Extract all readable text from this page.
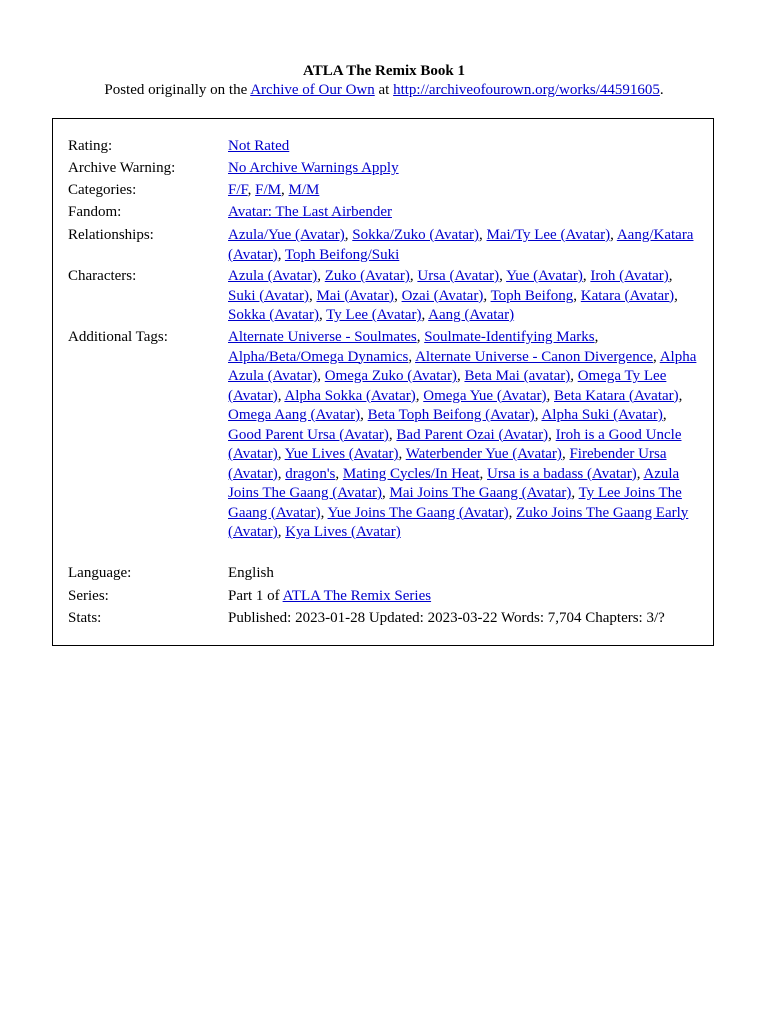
ATLA The Remix Book 1
Posted originally on the Archive of Our Own at http://archiveofourown.org/works/44591605.
Rating:	Not Rated
Archive Warning:	No Archive Warnings Apply
Categories:	F/F, F/M, M/M
Fandom:	Avatar: The Last Airbender
Relationships:	Azula/Yue (Avatar), Sokka/Zuko (Avatar), Mai/Ty Lee (Avatar), Aang/Katara (Avatar), Toph Beifong/Suki
Characters:	Azula (Avatar), Zuko (Avatar), Ursa (Avatar), Yue (Avatar), Iroh (Avatar), Suki (Avatar), Mai (Avatar), Ozai (Avatar), Toph Beifong, Katara (Avatar), Sokka (Avatar), Ty Lee (Avatar), Aang (Avatar)
Additional Tags:	Alternate Universe - Soulmates, Soulmate-Identifying Marks, Alpha/Beta/Omega Dynamics, Alternate Universe - Canon Divergence, Alpha Azula (Avatar), Omega Zuko (Avatar), Beta Mai (avatar), Omega Ty Lee (Avatar), Alpha Sokka (Avatar), Omega Yue (Avatar), Beta Katara (Avatar), Omega Aang (Avatar), Beta Toph Beifong (Avatar), Alpha Suki (Avatar), Good Parent Ursa (Avatar), Bad Parent Ozai (Avatar), Iroh is a Good Uncle (Avatar), Yue Lives (Avatar), Waterbender Yue (Avatar), Firebender Ursa (Avatar), dragon's, Mating Cycles/In Heat, Ursa is a badass (Avatar), Azula Joins The Gaang (Avatar), Mai Joins The Gaang (Avatar), Ty Lee Joins The Gaang (Avatar), Yue Joins The Gaang (Avatar), Zuko Joins The Gaang Early (Avatar), Kya Lives (Avatar)
Language:	English
Series:	Part 1 of ATLA The Remix Series
Stats:	Published: 2023-01-28 Updated: 2023-03-22 Words: 7,704 Chapters: 3/?
